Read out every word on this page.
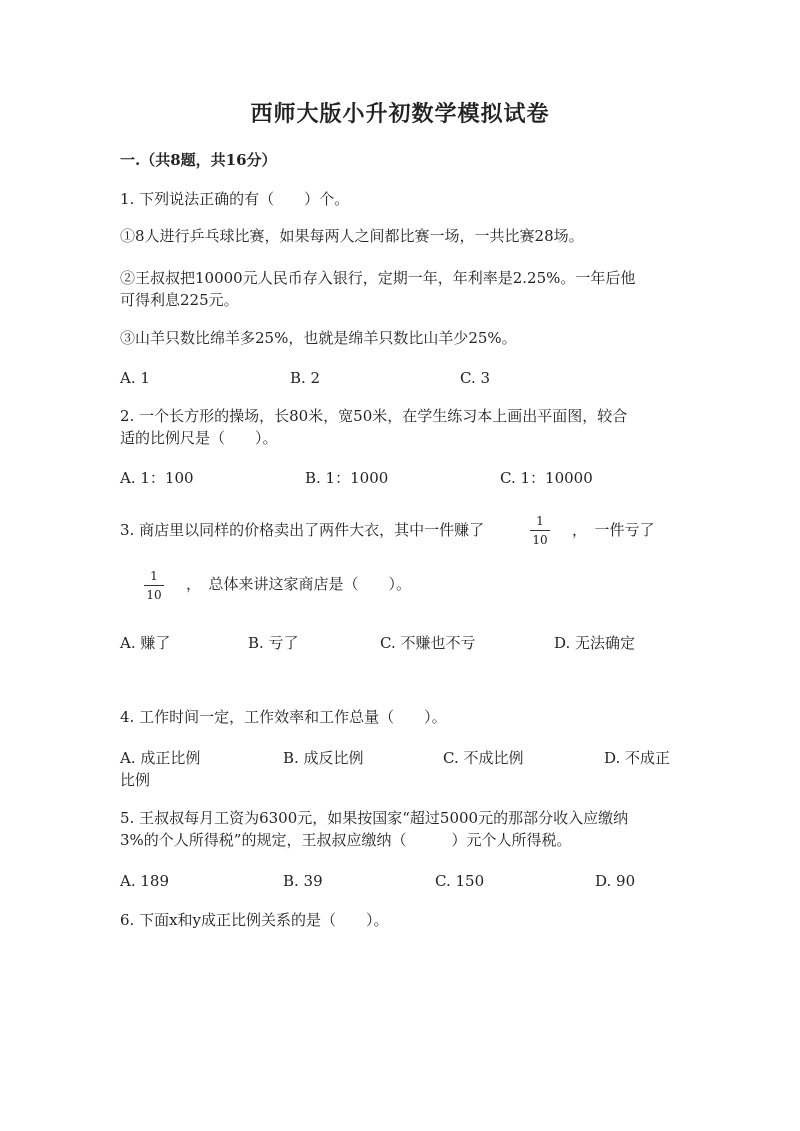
西师大版小升初数学模拟试卷
一.（共8题，共16分）
1. 下列说法正确的有（　　）个。
①8人进行乒乓球比赛，如果每两人之间都比赛一场，一共比赛28场。
②王叔叔把10000元人民币存入银行，定期一年，年利率是2.25%。一年后他
可得利息225元。
③山羊只数比绵羊多25%，也就是绵羊只数比山羊少25%。
A. 1	B. 2	C. 3
2. 一个长方形的操场，长80米，宽50米，在学生练习本上画出平面图，较合
适的比例尺是（　　）。
A. 1：100	B. 1：1000	C. 1：10000
3. 商店里以同样的价格卖出了两件大衣，其中一件赚了	1
10
，　一件亏了
1
10
，　总体来讲这家商店是（　　）。
A. 赚了	B. 亏了	C. 不赚也不亏	D. 无法确定
4. 工作时间一定，工作效率和工作总量（　　）。
A. 成正比例	B. 成反比例	C. 不成比例	D. 不成正
比例
5. 王叔叔每月工资为6300元，如果按国家“超过5000元的那部分收入应缴纳
3%的个人所得税”的规定，王叔叔应缴纳（　　　）元个人所得税。
A. 189	B. 39	C. 150	D. 90
6. 下面x和y成正比例关系的是（　　）。
